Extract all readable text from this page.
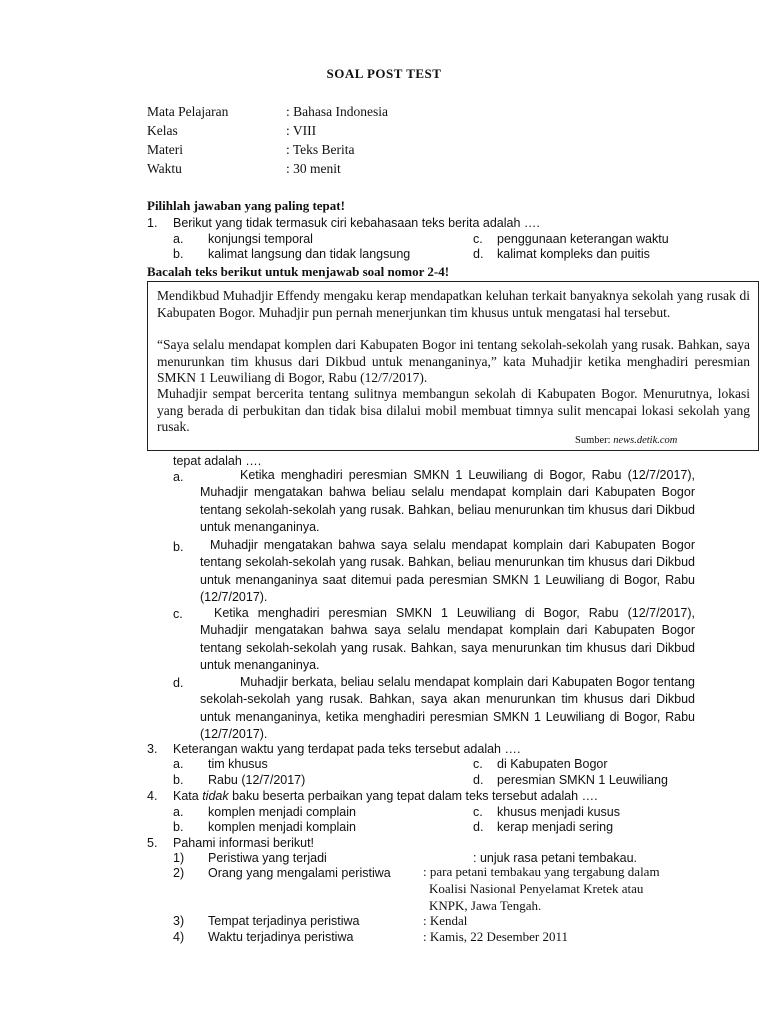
SOAL POST TEST
Mata Pelajaran	: Bahasa Indonesia
Kelas	: VIII
Materi	: Teks Berita
Waktu	: 30 menit
Pilihlah jawaban yang paling tepat!
1. Berikut yang tidak termasuk ciri kebahasaan teks berita adalah ….
a. konjungsi temporal
b. kalimat langsung dan tidak langsung
c. penggunaan keterangan waktu
d. kalimat kompleks dan puitis
Bacalah teks berikut untuk menjawab soal nomor 2-4!
Mendikbud Muhadjir Effendy mengaku kerap mendapatkan keluhan terkait banyaknya sekolah yang rusak di Kabupaten Bogor. Muhadjir pun pernah menerjunkan tim khusus untuk mengatasi hal tersebut.
“Saya selalu mendapat komplen dari Kabupaten Bogor ini tentang sekolah-sekolah yang rusak. Bahkan, saya menurunkan tim khusus dari Dikbud untuk menanganinya,” kata Muhadjir ketika menghadiri peresmian SMKN 1 Leuwiliang di Bogor, Rabu (12/7/2017).
Muhadjir sempat bercerita tentang sulitnya membangun sekolah di Kabupaten Bogor. Menurutnya, lokasi yang berada di perbukitan dan tidak bisa dilalui mobil membuat timnya sulit mencapai lokasi sekolah yang rusak.
Sumber: news.detik.com
tepat adalah ….
a.	Ketika menghadiri peresmian SMKN 1 Leuwiliang di Bogor, Rabu (12/7/2017), Muhadjir mengatakan bahwa beliau selalu mendapat komplain dari Kabupaten Bogor tentang sekolah-sekolah yang rusak. Bahkan, beliau menurunkan tim khusus dari Dikbud untuk menanganinya.
b.	Muhadjir mengatakan bahwa saya selalu mendapat komplain dari Kabupaten Bogor tentang sekolah-sekolah yang rusak. Bahkan, beliau menurunkan tim khusus dari Dikbud untuk menanganinya saat ditemui pada peresmian SMKN 1 Leuwiliang di Bogor, Rabu (12/7/2017).
c.	Ketika menghadiri peresmian SMKN 1 Leuwiliang di Bogor, Rabu (12/7/2017), Muhadjir mengatakan bahwa saya selalu mendapat komplain dari Kabupaten Bogor tentang sekolah-sekolah yang rusak. Bahkan, saya menurunkan tim khusus dari Dikbud untuk menanganinya.
d.	Muhadjir berkata, beliau selalu mendapat komplain dari Kabupaten Bogor tentang sekolah-sekolah yang rusak. Bahkan, saya akan menurunkan tim khusus dari Dikbud untuk menanganinya, ketika menghadiri peresmian SMKN 1 Leuwiliang di Bogor, Rabu (12/7/2017).
3. Keterangan waktu yang terdapat pada teks tersebut adalah ….
a. tim khusus
b. Rabu (12/7/2017)
c. di Kabupaten Bogor
d. peresmian SMKN 1 Leuwiliang
4. Kata tidak baku beserta perbaikan yang tepat dalam teks tersebut adalah ….
a. komplen menjadi complain
b. komplen menjadi komplain
c. khusus menjadi kusus
d. kerap menjadi sering
5. Pahami informasi berikut!
1) Peristiwa yang terjadi	: unjuk rasa petani tembakau.
2) Orang yang mengalami peristiwa : para petani tembakau yang tergabung dalam
Koalisi Nasional Penyelamat Kretek atau
KNPK, Jawa Tengah.
3) Tempat terjadinya peristiwa	: Kendal
4) Waktu terjadinya peristiwa	: Kamis, 22 Desember 2011
